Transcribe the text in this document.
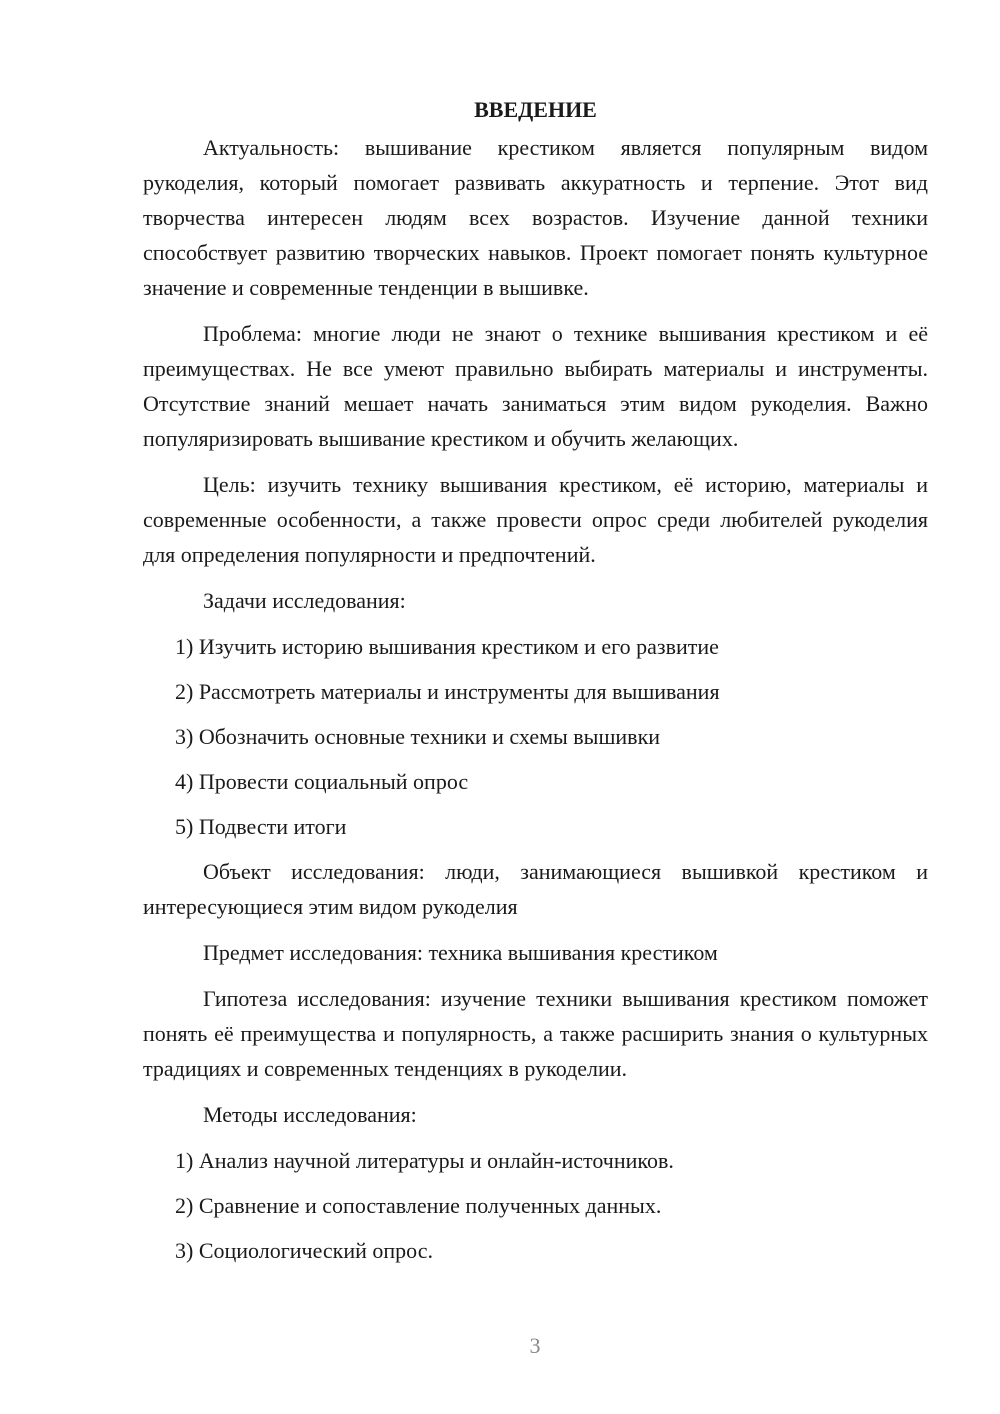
ВВЕДЕНИЕ

Актуальность: вышивание крестиком является популярным видом рукоделия, который помогает развивать аккуратность и терпение. Этот вид творчества интересен людям всех возрастов. Изучение данной техники способствует развитию творческих навыков. Проект помогает понять культурное значение и современные тенденции в вышивке.

Проблема: многие люди не знают о технике вышивания крестиком и её преимуществах. Не все умеют правильно выбирать материалы и инструменты. Отсутствие знаний мешает начать заниматься этим видом рукоделия. Важно популяризировать вышивание крестиком и обучить желающих.

Цель: изучить технику вышивания крестиком, её историю, материалы и современные особенности, а также провести опрос среди любителей рукоделия для определения популярности и предпочтений.

Задачи исследования:
1) Изучить историю вышивания крестиком и его развитие
2) Рассмотреть материалы и инструменты для вышивания
3) Обозначить основные техники и схемы вышивки
4) Провести социальный опрос
5) Подвести итоги

Объект исследования: люди, занимающиеся вышивкой крестиком и интересующиеся этим видом рукоделия

Предмет исследования: техника вышивания крестиком

Гипотеза исследования: изучение техники вышивания крестиком поможет понять её преимущества и популярность, а также расширить знания о культурных традициях и современных тенденциях в рукоделии.

Методы исследования:
1) Анализ научной литературы и онлайн-источников.
2) Сравнение и сопоставление полученных данных.
3) Социологический опрос.
3
